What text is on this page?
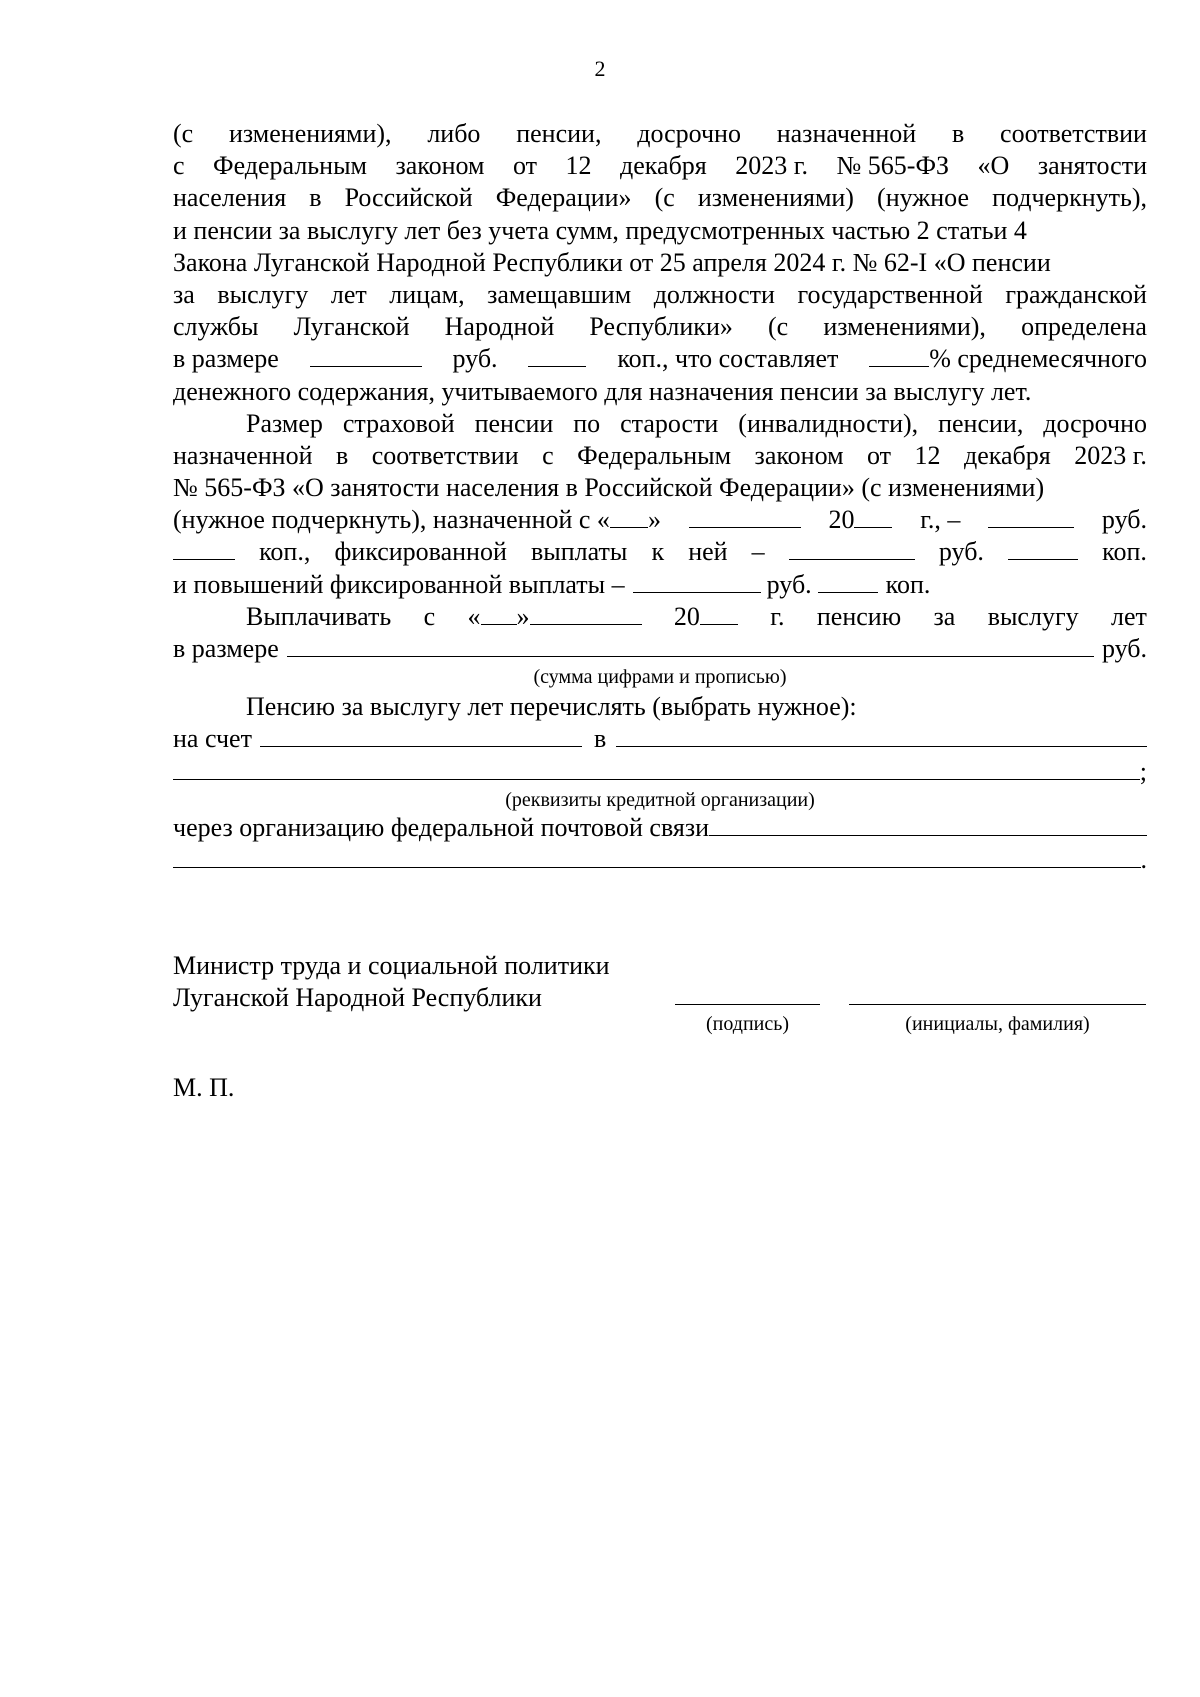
2
(с изменениями), либо пенсии, досрочно назначенной в соответствии
с Федеральным законом от 12 декабря 2023 г. № 565-ФЗ «О занятости
населения в Российской Федерации» (с изменениями) (нужное подчеркнуть),
и пенсии за выслугу лет без учета сумм, предусмотренных частью 2 статьи 4
Закона Луганской Народной Республики от 25 апреля 2024 г. № 62-I «О пенсии
за выслугу лет лицам, замещавшим должности государственной гражданской
службы Луганской Народной Республики» (с изменениями), определена
в размере	руб.	коп., что составляет	% среднемесячного
денежного содержания, учитываемого для назначения пенсии за выслугу лет.
Размер страховой пенсии по старости (инвалидности), пенсии, досрочно
назначенной в соответствии с Федеральным законом от 12 декабря 2023 г.
№ 565-ФЗ «О занятости населения в Российской Федерации» (с изменениями)
(нужное подчеркнуть), назначенной с « »	20	г., –	руб.
коп., фиксированной выплаты к ней –	руб.	коп.
и повышений фиксированной выплаты –	руб.	коп.
Выплачивать с « »	20	г. пенсию за выслугу лет
в размере	руб.
(сумма цифрами и прописью)
Пенсию за выслугу лет перечислять (выбрать нужное):
на счет	в
;
(реквизиты кредитной организации)
через организацию федеральной почтовой связи
.
Министр труда и социальной политики
Луганской Народной Республики
(подпись)	(инициалы, фамилия)
М. П.
